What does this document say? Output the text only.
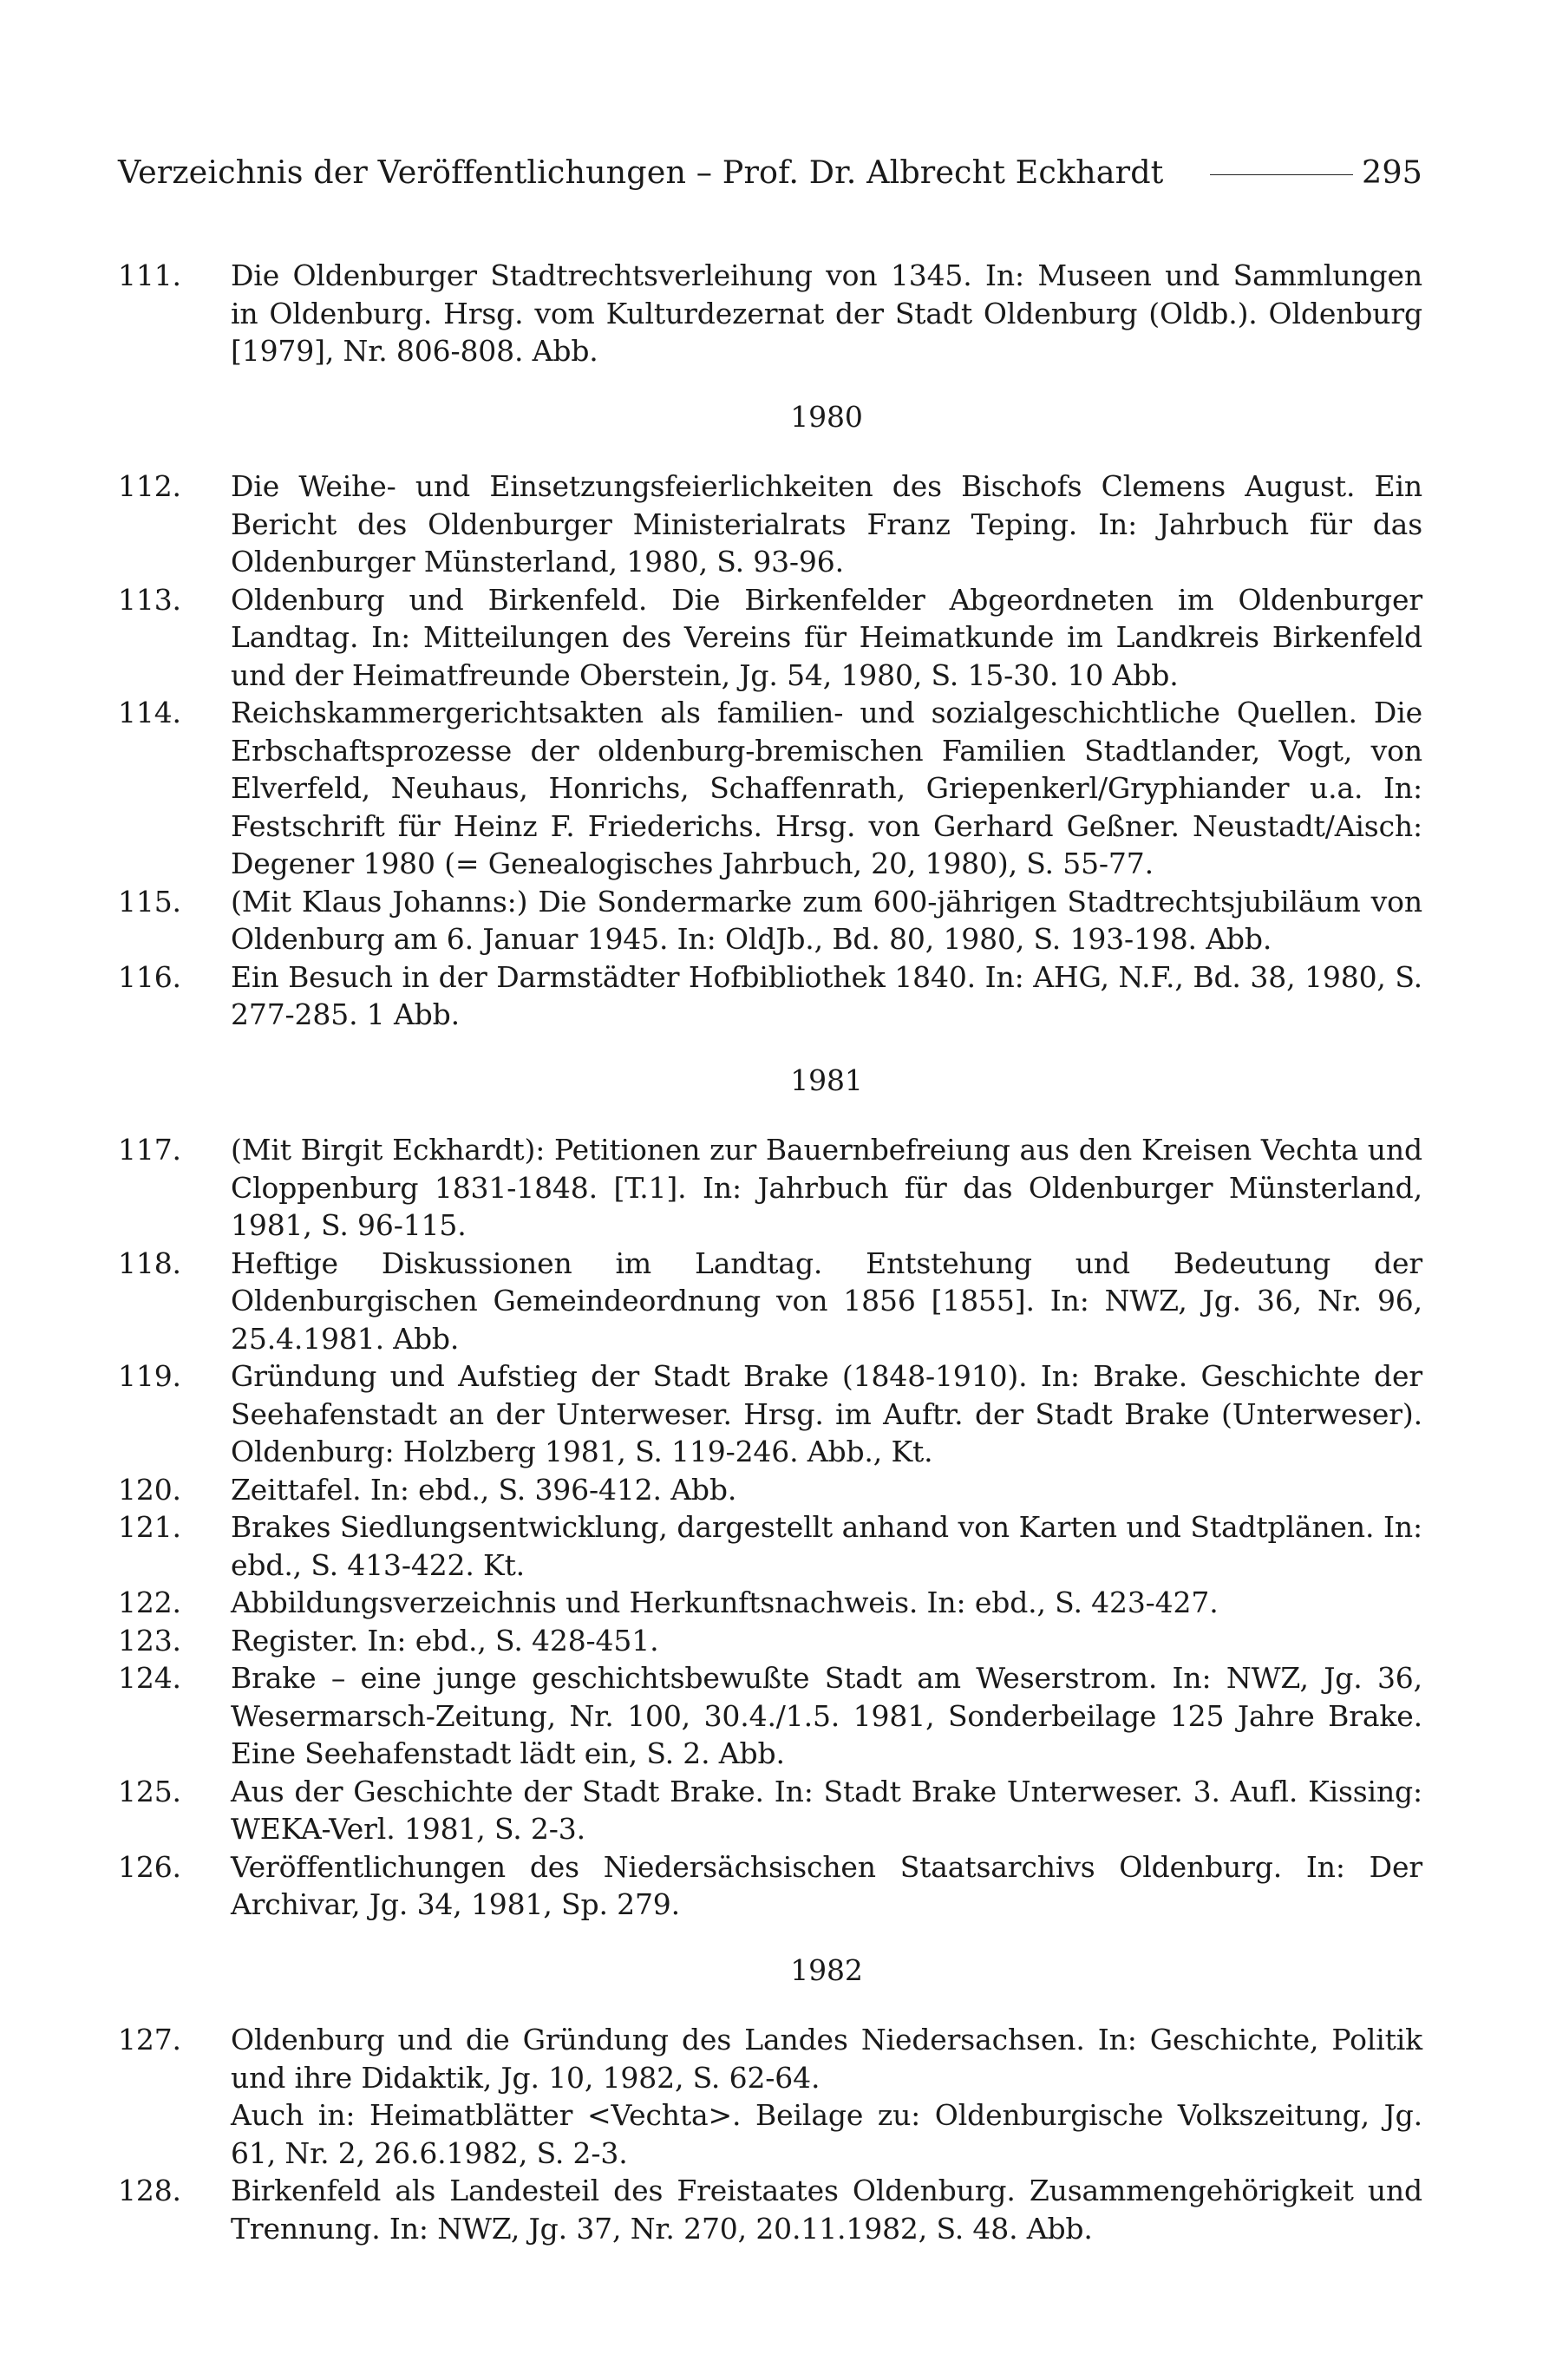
Verzeichnis der Veröffentlichungen – Prof. Dr. Albrecht Eckhardt	295
111.	Die Oldenburger Stadtrechtsverleihung von 1345. In: Museen und Sammlungen in Oldenburg. Hrsg. vom Kulturdezernat der Stadt Oldenburg (Oldb.). Oldenburg [1979], Nr. 806-808. Abb.
1980
112.	Die Weihe- und Einsetzungsfeierlichkeiten des Bischofs Clemens August. Ein Bericht des Oldenburger Ministerialrats Franz Teping. In: Jahrbuch für das Oldenburger Münsterland, 1980, S. 93-96.
113.	Oldenburg und Birkenfeld. Die Birkenfelder Abgeordneten im Oldenburger Landtag. In: Mitteilungen des Vereins für Heimatkunde im Landkreis Birkenfeld und der Heimatfreunde Oberstein, Jg. 54, 1980, S. 15-30. 10 Abb.
114.	Reichskammergerichtsakten als familien- und sozialgeschichtliche Quellen. Die Erbschaftsprozesse der oldenburg-bremischen Familien Stadtlander, Vogt, von Elverfeld, Neuhaus, Honrichs, Schaffenrath, Griepenkerl/Gryphiander u.a. In: Festschrift für Heinz F. Friederichs. Hrsg. von Gerhard Geßner. Neustadt/Aisch: Degener 1980 (= Genealogisches Jahrbuch, 20, 1980), S. 55-77.
115.	(Mit Klaus Johanns:) Die Sondermarke zum 600-jährigen Stadtrechtsjubiläum von Oldenburg am 6. Januar 1945. In: OldJb., Bd. 80, 1980, S. 193-198. Abb.
116.	Ein Besuch in der Darmstädter Hofbibliothek 1840. In: AHG, N.F., Bd. 38, 1980, S. 277-285. 1 Abb.
1981
117.	(Mit Birgit Eckhardt): Petitionen zur Bauernbefreiung aus den Kreisen Vechta und Cloppenburg 1831-1848. [T.1]. In: Jahrbuch für das Oldenburger Münsterland, 1981, S. 96-115.
118.	Heftige Diskussionen im Landtag. Entstehung und Bedeutung der Oldenburgischen Gemeindeordnung von 1856 [1855]. In: NWZ, Jg. 36, Nr. 96, 25.4.1981. Abb.
119.	Gründung und Aufstieg der Stadt Brake (1848-1910). In: Brake. Geschichte der Seehafenstadt an der Unterweser. Hrsg. im Auftr. der Stadt Brake (Unterweser). Oldenburg: Holzberg 1981, S. 119-246. Abb., Kt.
120.	Zeittafel. In: ebd., S. 396-412. Abb.
121.	Brakes Siedlungsentwicklung, dargestellt anhand von Karten und Stadtplänen. In: ebd., S. 413-422. Kt.
122.	Abbildungsverzeichnis und Herkunftsnachweis. In: ebd., S. 423-427.
123.	Register. In: ebd., S. 428-451.
124.	Brake – eine junge geschichtsbewußte Stadt am Weserstrom. In: NWZ, Jg. 36, Wesermarsch-Zeitung, Nr. 100, 30.4./1.5. 1981, Sonderbeilage 125 Jahre Brake. Eine Seehafenstadt lädt ein, S. 2. Abb.
125.	Aus der Geschichte der Stadt Brake. In: Stadt Brake Unterweser. 3. Aufl. Kissing: WEKA-Verl. 1981, S. 2-3.
126.	Veröffentlichungen des Niedersächsischen Staatsarchivs Oldenburg. In: Der Archivar, Jg. 34, 1981, Sp. 279.
1982
127.	Oldenburg und die Gründung des Landes Niedersachsen. In: Geschichte, Politik und ihre Didaktik, Jg. 10, 1982, S. 62-64.
Auch in: Heimatblätter <Vechta>. Beilage zu: Oldenburgische Volkszeitung, Jg. 61, Nr. 2, 26.6.1982, S. 2-3.
128.	Birkenfeld als Landesteil des Freistaates Oldenburg. Zusammengehörigkeit und Trennung. In: NWZ, Jg. 37, Nr. 270, 20.11.1982, S. 48. Abb.
